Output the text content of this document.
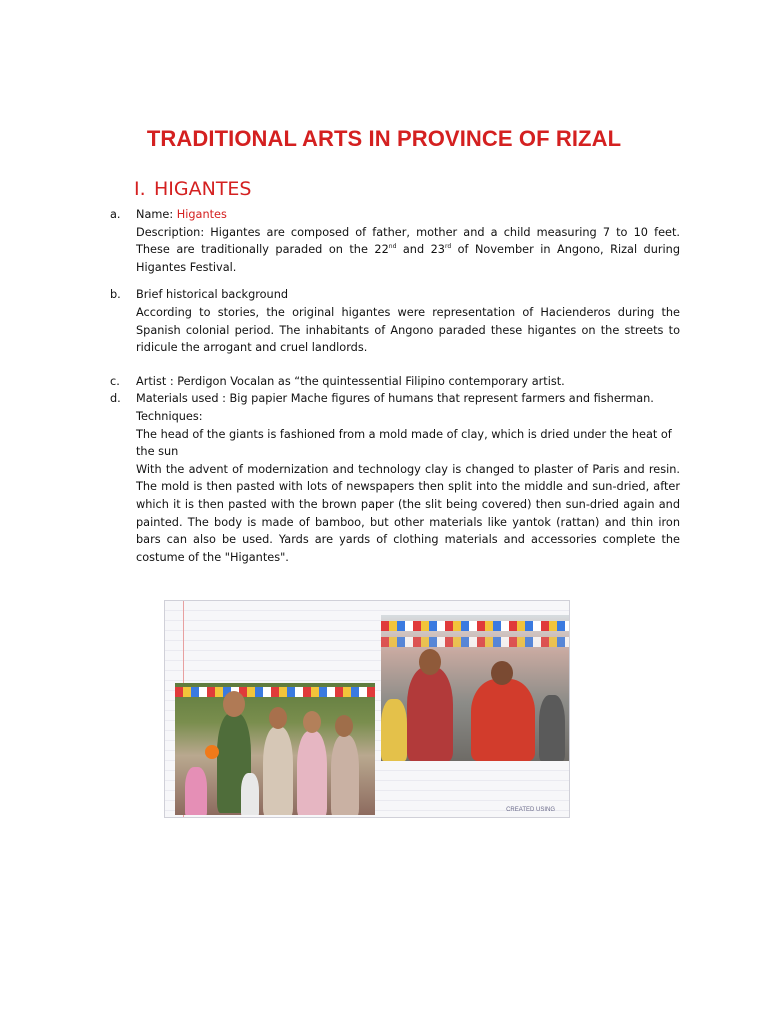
TRADITIONAL ARTS IN PROVINCE OF RIZAL
I. HIGANTES
a.	Name: Higantes
Description: Higantes are composed of father, mother and a child measuring 7 to 10 feet. These are traditionally paraded on the 22nd and 23rd of November in Angono, Rizal during Higantes Festival.
b.	Brief historical background
According to stories, the original higantes were representation of Hacienderos during the Spanish colonial period. The inhabitants of Angono paraded these higantes on the streets to ridicule the arrogant and cruel landlords.
c.	Artist : Perdigon Vocalan as “the quintessential Filipino contemporary artist.
d.	Materials used : Big papier Mache figures of humans that represent farmers and fisherman.
Techniques:
The head of the giants is fashioned from a mold made of clay, which is dried under the heat of the sun
With the advent of modernization and technology clay is changed to plaster of Paris and resin. The mold is then pasted with lots of newspapers then split into the middle and sun-dried, after which it is then pasted with the brown paper (the slit being covered) then sun-dried again and painted. The body is made of bamboo, but other materials like yantok (rattan) and thin iron bars can also be used. Yards are yards of clothing materials and accessories complete the costume of the "Higantes".
CREATED USING
